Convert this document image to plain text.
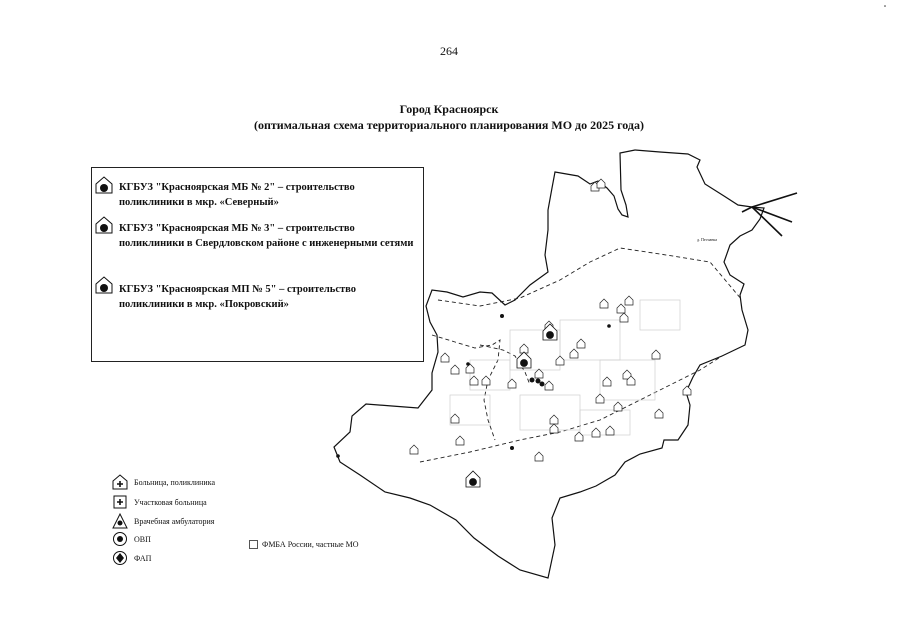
264
Город Красноярск
(оптимальная схема территориального планирования МО до 2025 года)
д. Песчанка
КГБУЗ "Красноярская МБ № 2" – строительство поликлиники в мкр. «Северный»
КГБУЗ "Красноярская МБ № 3" – строительство поликлиники в Свердловском районе с инженерными сетями
КГБУЗ "Красноярская МП № 5" – строительство поликлиники в мкр. «Покровский»
Больница, поликлиника
Участковая больница
Врачебная амбулатория
ОВП
ФАП
ФМБА России, частные МО
